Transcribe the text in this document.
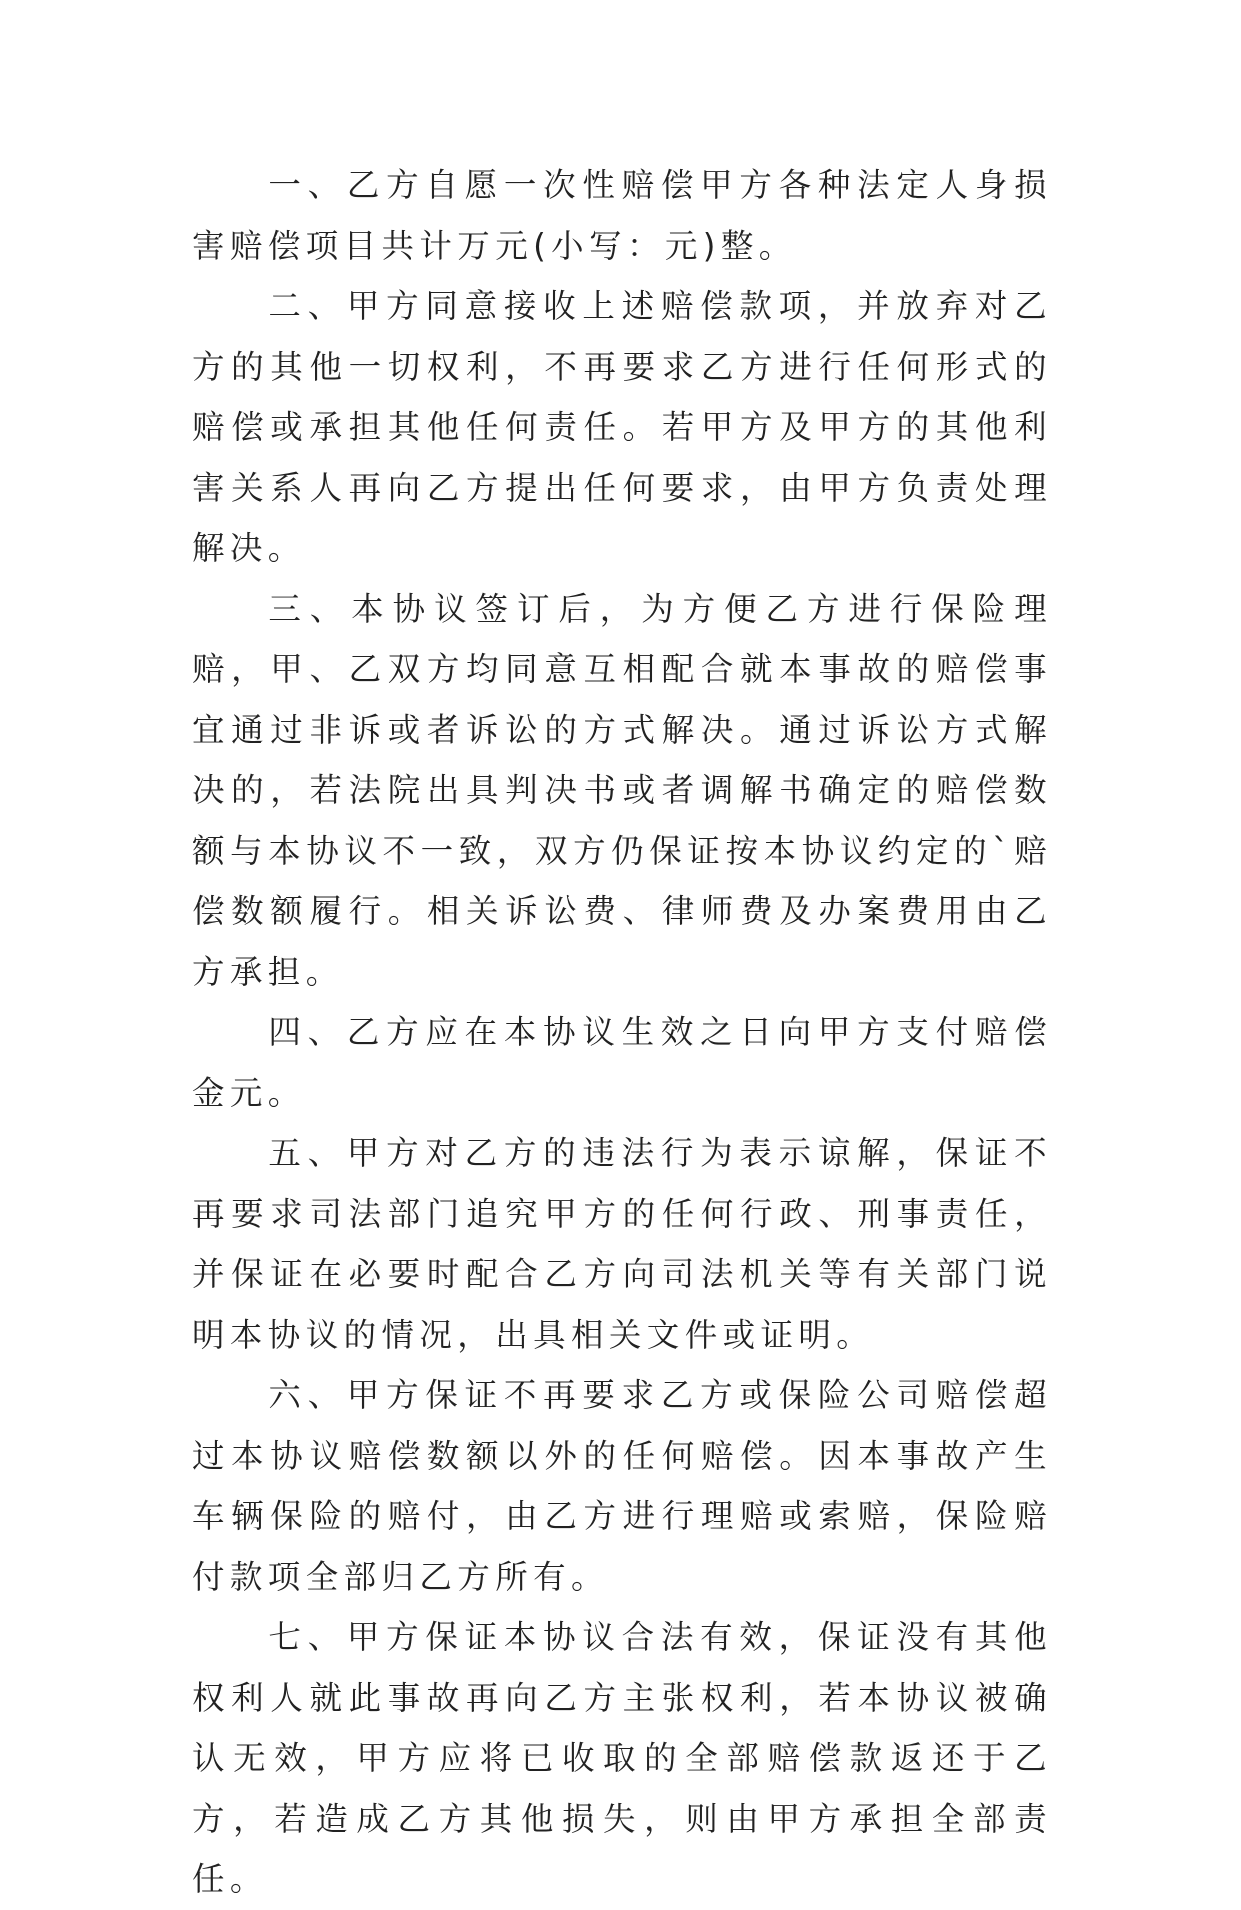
一、乙方自愿一次性赔偿甲方各种法定人身损害赔偿项目共计万元(小写：元)整。

二、甲方同意接收上述赔偿款项，并放弃对乙方的其他一切权利，不再要求乙方进行任何形式的赔偿或承担其他任何责任。若甲方及甲方的其他利害关系人再向乙方提出任何要求，由甲方负责处理解决。

三、本协议签订后，为方便乙方进行保险理赔，甲、乙双方均同意互相配合就本事故的赔偿事宜通过非诉或者诉讼的方式解决。通过诉讼方式解决的，若法院出具判决书或者调解书确定的赔偿数额与本协议不一致，双方仍保证按本协议约定的`赔偿数额履行。相关诉讼费、律师费及办案费用由乙方承担。

四、乙方应在本协议生效之日向甲方支付赔偿金元。

五、甲方对乙方的违法行为表示谅解，保证不再要求司法部门追究甲方的任何行政、刑事责任，并保证在必要时配合乙方向司法机关等有关部门说明本协议的情况，出具相关文件或证明。

六、甲方保证不再要求乙方或保险公司赔偿超过本协议赔偿数额以外的任何赔偿。因本事故产生车辆保险的赔付，由乙方进行理赔或索赔，保险赔付款项全部归乙方所有。

七、甲方保证本协议合法有效，保证没有其他权利人就此事故再向乙方主张权利，若本协议被确认无效，甲方应将已收取的全部赔偿款返还于乙方，若造成乙方其他损失，则由甲方承担全部责任。
